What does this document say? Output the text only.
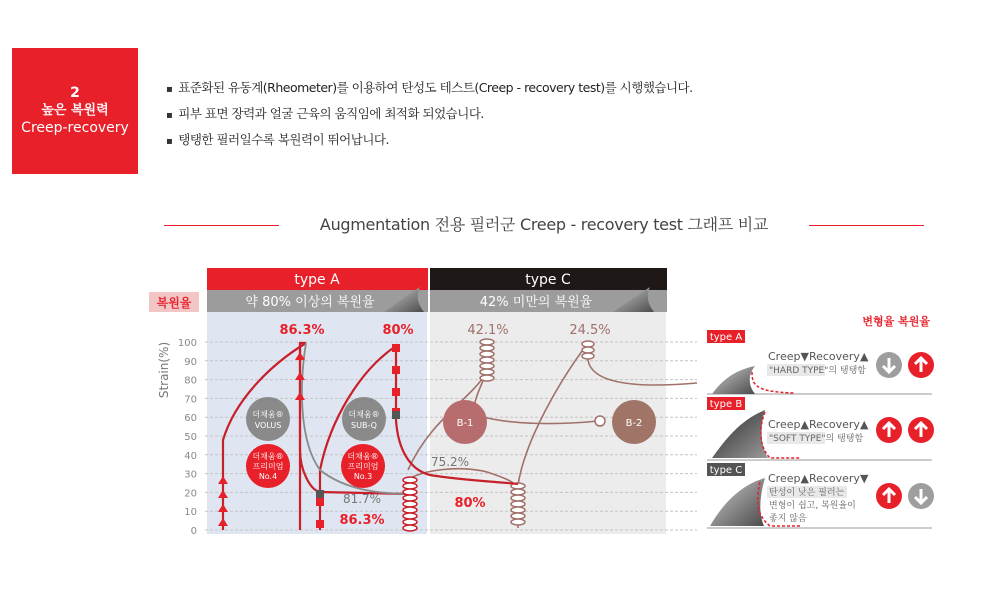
2
높은 복원력
Creep-recovery
▪ 표준화된 유동계(Rheometer)를 이용하여 탄성도 테스트(Creep - recovery test)를 시행했습니다.
▪ 피부 표면 장력과 얼굴 근육의 움직임에 최적화 되었습니다.
▪ 탱탱한 필러일수록 복원력이 뛰어납니다.
Augmentation 전용 필러군 Creep - recovery test 그래프 비교
type A	type C
약 80% 이상의 복원율	42% 미만의 복원율
복원율
Strain(%) 100
90
80
70
60
50
40
30
20
10
0
86.3%	80%	42.1%	24.5%
81.7%
86.3%
75.2%
80%
더채움®
VOLUS
더채움®
SUB-Q
더채움®
프리미엄
No.4
더채움®
프리미엄
No.3
B-1	B-2
변형율 복원율
type A
Creep▼Recovery▲
"HARD TYPE"의 탱탱함
type B
Creep▲Recovery▲
"SOFT TYPE"의 탱탱함
type C
Creep▲Recovery▼
탄성이 낮은 필러는
변형이 쉽고, 복원율이
좋지 않음
